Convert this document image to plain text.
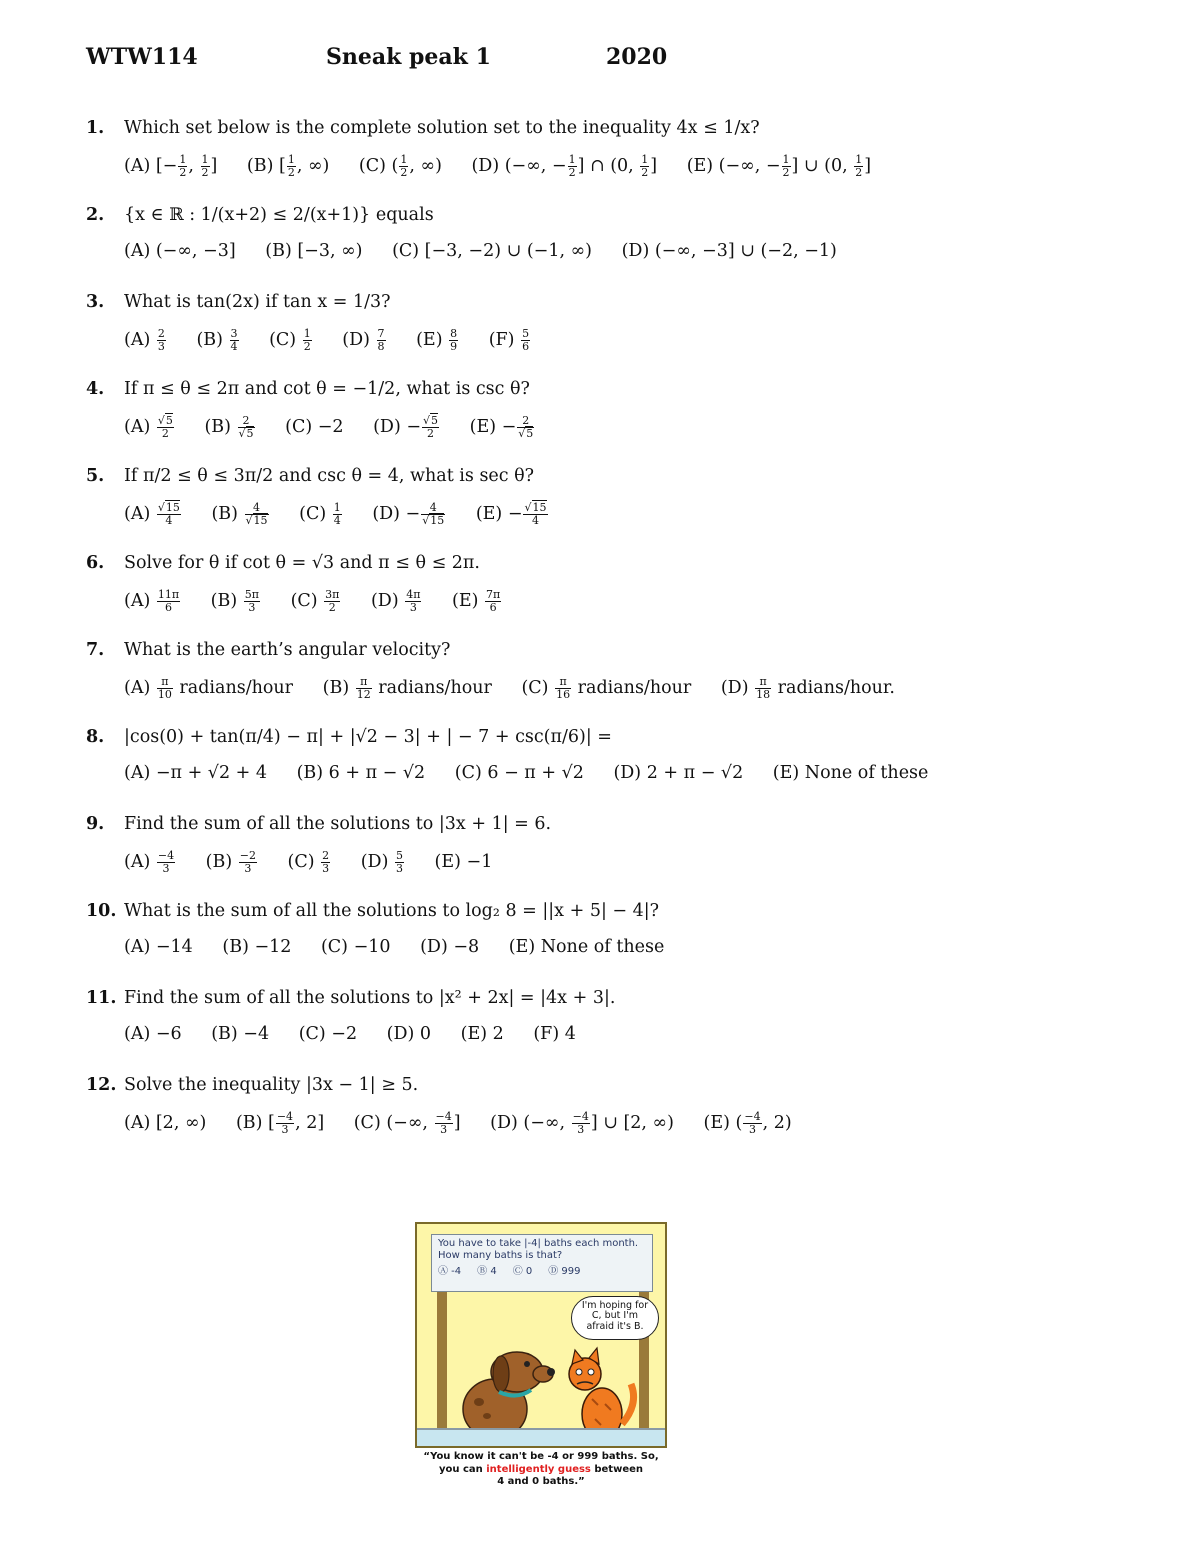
WTW114	Sneak peak 1	2020
1.	Which set below is the complete solution set to the inequality 4x ≤ 1/x?
(A) [− $\frac{1}{2}$ , $\frac{1}{2}$ ] (B) [ $\frac{1}{2}$ , ∞) (C) ( $\frac{1}{2}$ , ∞) (D) (−∞, − $\frac{1}{2}$ ] ∩ (0, $\frac{1}{2}$ ] (E) (−∞, − $\frac{1}{2}$ ] ∪ (0, $\frac{1}{2}$ ]
2.	{x ∈ ℝ : 1/(x+2) ≤ 2/(x+1)} equals
(A) (−∞, −3] (B) [−3, ∞) (C) [−3, −2) ∪ (−1, ∞) (D) (−∞, −3] ∪ (−2, −1)
3.	What is tan(2x) if tan x = 1/3?
$(A) \frac{2}{3} (B) \frac{3}{4} (C) \frac{1}{2} (D) \frac{7}{8} (E) \frac{8}{9} (F) \frac{5}{6}$
4.	If π ≤ θ ≤ 2π and cot θ = −1/2, what is csc θ?
$(A) \frac{√5}{2} (B) \frac{2}{√5} (C) -2$ $(D) - \frac{√5}{2} (E) - \frac{2}{√5}$
5.	If π/2 ≤ θ ≤ 3π/2 and csc θ = 4, what is sec θ?
$(A) \frac{√15}{4} (B) \frac{4}{√15} (C) \frac{1}{4} (D) - \frac{4}{√15} (E) - \frac{√15}{4}$
6.	Solve for θ if cot θ = √3 and π ≤ θ ≤ 2π.
$(A) \frac{11\pi}{6} (B) \frac{5\pi}{3} (C) \frac{3\pi}{2} (D) \frac{4\pi}{3} (E) \frac{7\pi}{6}$
7.	What is the earth’s angular velocity?
$(A) \frac{\pi}{10}$ radians/hour $(B) \frac{\pi}{12}$ radians/hour $(C) \frac{\pi}{16}$ radians/hour $(D) \frac{\pi}{18}$ radians/hour.
8.	|cos(0) + tan(π/4) − π| + |√2 − 3| + | − 7 + csc(π/6)| =
(A) −π + √2 + 4 (B) 6 + π − √2 (C) 6 − π + √2 (D) 2 + π − √2 (E) None of these
9.	Find the sum of all the solutions to |3x + 1| = 6.
$(A) \frac{-4}{3} (B) \frac{-2}{3} (C) \frac{2}{3} (D) \frac{5}{3} (E) -1$
10. What is the sum of all the solutions to log₂ 8 = ||x + 5| − 4|?
(A) −14 (B) −12 (C) −10 (D) −8 (E) None of these
11. Find the sum of all the solutions to |x² + 2x| = |4x + 3|.
(A) −6 (B) −4 (C) −2 (D) 0 (E) 2 (F) 4
12. Solve the inequality |3x − 1| ≥ 5.
(A) [2, ∞) (B) [ $\frac{-4}{3}$ , 2] (C) (−∞, $\frac{-4}{3}$ ] (D) (−∞, $\frac{-4}{3}$ ] ∪ [2, ∞) (E) ( $\frac{-4}{3}$ , 2)
You have to take |-4| baths each month.
How many baths is that?
Ⓐ -4 Ⓑ 4 Ⓒ 0 Ⓓ 999
I'm hoping for
C, but I'm
afraid it's B.
“You know it can't be -4 or 999 baths. So,
you can intelligently guess between
4 and 0 baths.”
